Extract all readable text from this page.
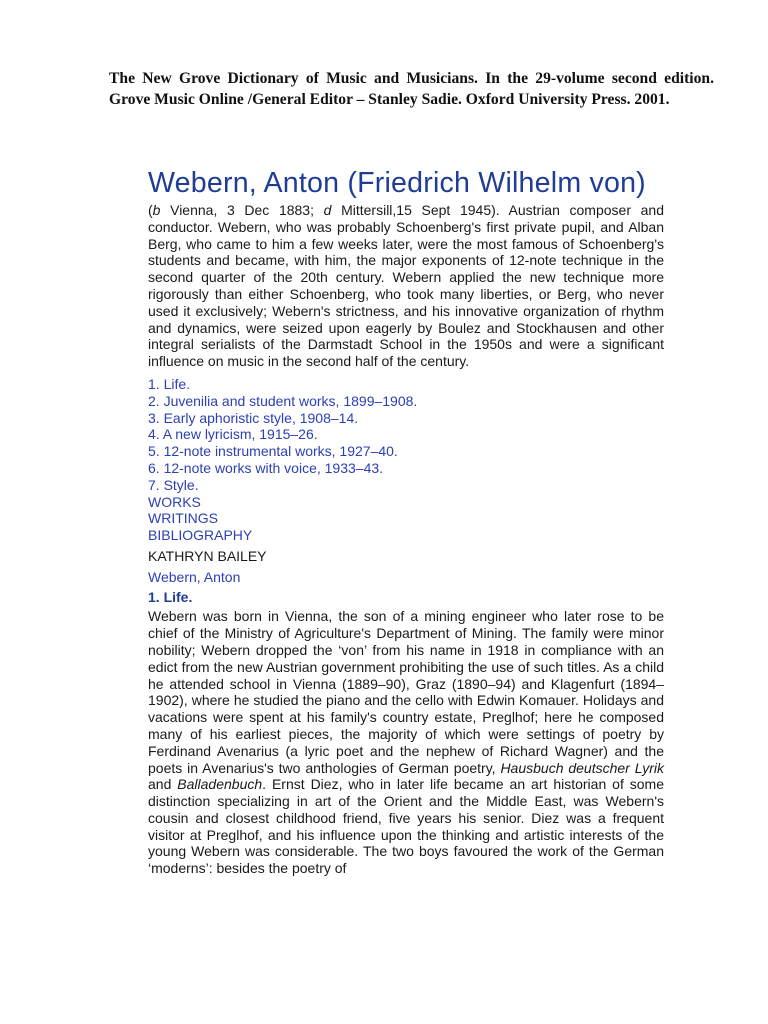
The New Grove Dictionary of Music and Musicians. In the 29-volume second edition. Grove Music Online /General Editor – Stanley Sadie. Oxford University Press. 2001.
Webern, Anton (Friedrich Wilhelm von)

(b Vienna, 3 Dec 1883; d Mittersill,15 Sept 1945). Austrian composer and conductor. Webern, who was probably Schoenberg's first private pupil, and Alban Berg, who came to him a few weeks later, were the most famous of Schoenberg's students and became, with him, the major exponents of 12-note technique in the second quarter of the 20th century. Webern applied the new technique more rigorously than either Schoenberg, who took many liberties, or Berg, who never used it exclusively; Webern's strictness, and his innovative organization of rhythm and dynamics, were seized upon eagerly by Boulez and Stockhausen and other integral serialists of the Darmstadt School in the 1950s and were a significant influence on music in the second half of the century.

1. Life.
2. Juvenilia and student works, 1899–1908.
3. Early aphoristic style, 1908–14.
4. A new lyricism, 1915–26.
5. 12-note instrumental works, 1927–40.
6. 12-note works with voice, 1933–43.
7. Style.
WORKS
WRITINGS
BIBLIOGRAPHY

KATHRYN BAILEY

Webern, Anton

1. Life.

Webern was born in Vienna, the son of a mining engineer who later rose to be chief of the Ministry of Agriculture's Department of Mining. The family were minor nobility; Webern dropped the ‘von’ from his name in 1918 in compliance with an edict from the new Austrian government prohibiting the use of such titles. As a child he attended school in Vienna (1889–90), Graz (1890–94) and Klagenfurt (1894–1902), where he studied the piano and the cello with Edwin Komauer. Holidays and vacations were spent at his family's country estate, Preglhof; here he composed many of his earliest pieces, the majority of which were settings of poetry by Ferdinand Avenarius (a lyric poet and the nephew of Richard Wagner) and the poets in Avenarius's two anthologies of German poetry, Hausbuch deutscher Lyrik and Balladenbuch. Ernst Diez, who in later life became an art historian of some distinction specializing in art of the Orient and the Middle East, was Webern's cousin and closest childhood friend, five years his senior. Diez was a frequent visitor at Preglhof, and his influence upon the thinking and artistic interests of the young Webern was considerable. The two boys favoured the work of the German ‘moderns’: besides the poetry of
